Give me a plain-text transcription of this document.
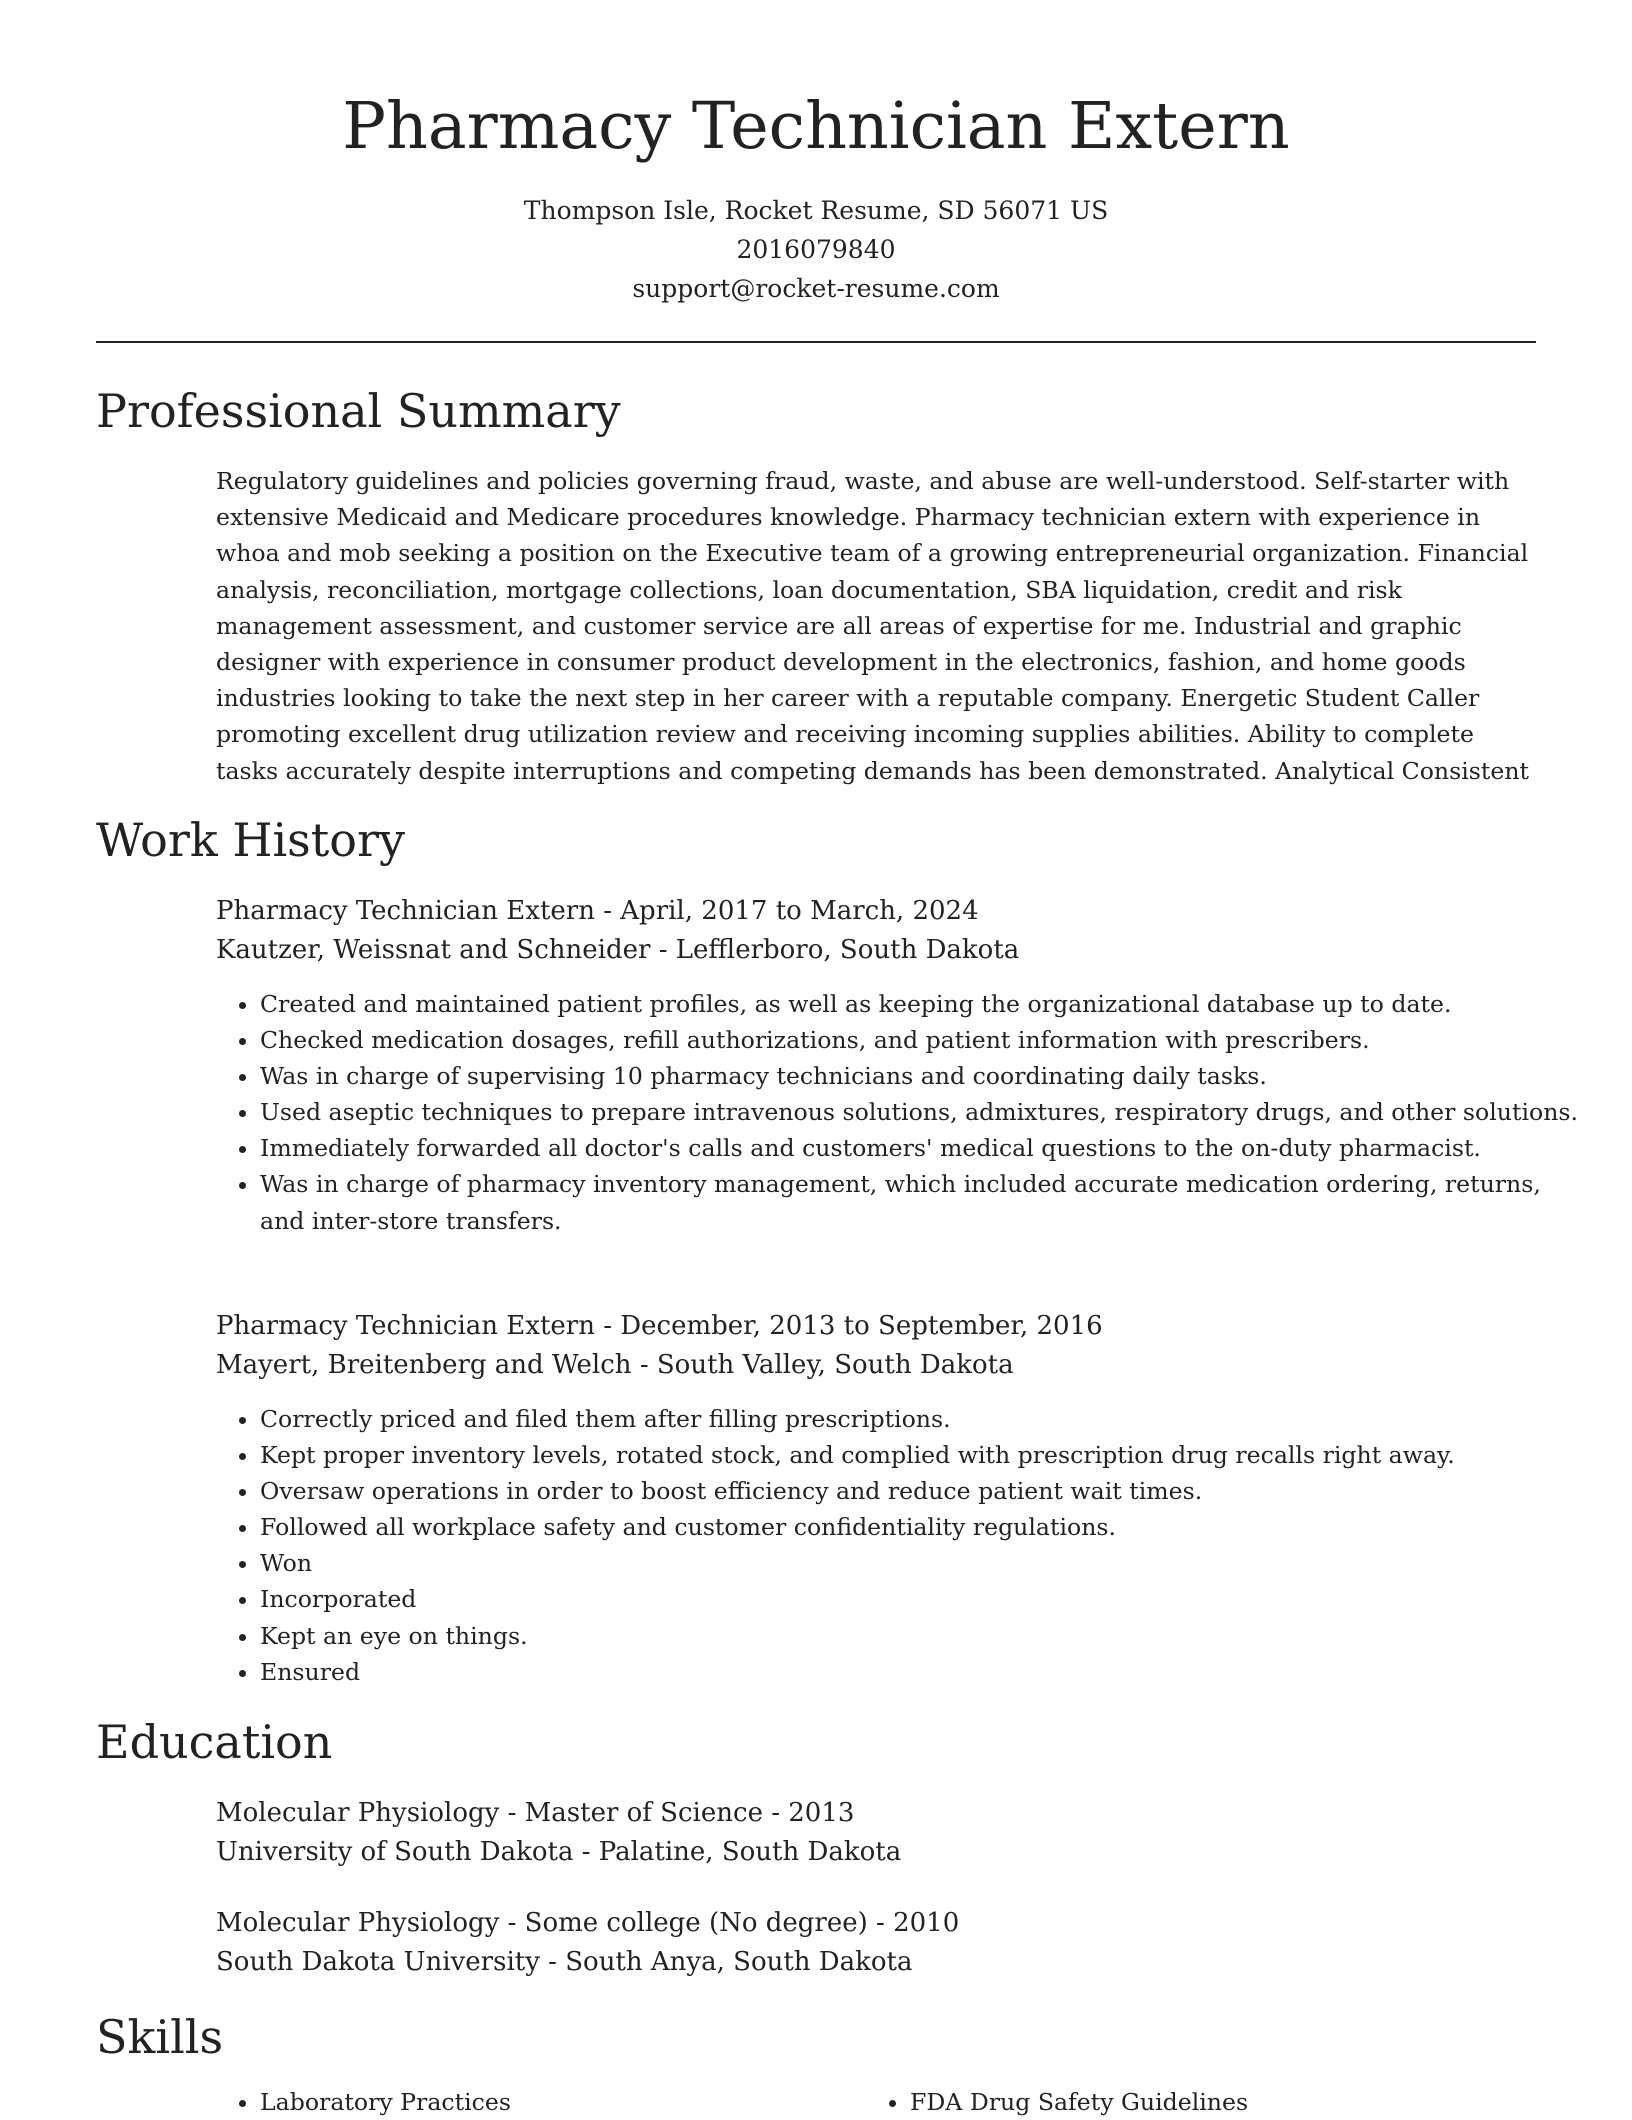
Pharmacy Technician Extern
Thompson Isle, Rocket Resume, SD 56071 US
2016079840
support@rocket-resume.com
Professional Summary

Regulatory guidelines and policies governing fraud, waste, and abuse are well-understood. Self-starter with extensive Medicaid and Medicare procedures knowledge. Pharmacy technician extern with experience in whoa and mob seeking a position on the Executive team of a growing entrepreneurial organization. Financial analysis, reconciliation, mortgage collections, loan documentation, SBA liquidation, credit and risk management assessment, and customer service are all areas of expertise for me. Industrial and graphic designer with experience in consumer product development in the electronics, fashion, and home goods industries looking to take the next step in her career with a reputable company. Energetic Student Caller promoting excellent drug utilization review and receiving incoming supplies abilities. Ability to complete tasks accurately despite interruptions and competing demands has been demonstrated. Analytical Consistent

Work History
Pharmacy Technician Extern - April, 2017 to March, 2024
Kautzer, Weissnat and Schneider - Lefflerboro, South Dakota
• Created and maintained patient profiles, as well as keeping the organizational database up to date.
• Checked medication dosages, refill authorizations, and patient information with prescribers.
• Was in charge of supervising 10 pharmacy technicians and coordinating daily tasks.
• Used aseptic techniques to prepare intravenous solutions, admixtures, respiratory drugs, and other solutions.
• Immediately forwarded all doctor's calls and customers' medical questions to the on-duty pharmacist.
• Was in charge of pharmacy inventory management, which included accurate medication ordering, returns, and inter-store transfers.
Pharmacy Technician Extern - December, 2013 to September, 2016
Mayert, Breitenberg and Welch - South Valley, South Dakota
• Correctly priced and filed them after filling prescriptions.
• Kept proper inventory levels, rotated stock, and complied with prescription drug recalls right away.
• Oversaw operations in order to boost efficiency and reduce patient wait times.
• Followed all workplace safety and customer confidentiality regulations.
• Won
• Incorporated
• Kept an eye on things.
• Ensured
Education
Molecular Physiology - Master of Science - 2013
University of South Dakota - Palatine, South Dakota
Molecular Physiology - Some college (No degree) - 2010
South Dakota University - South Anya, South Dakota
Skills
• Laboratory Practices
•	FDA Drug Safety Guidelines
